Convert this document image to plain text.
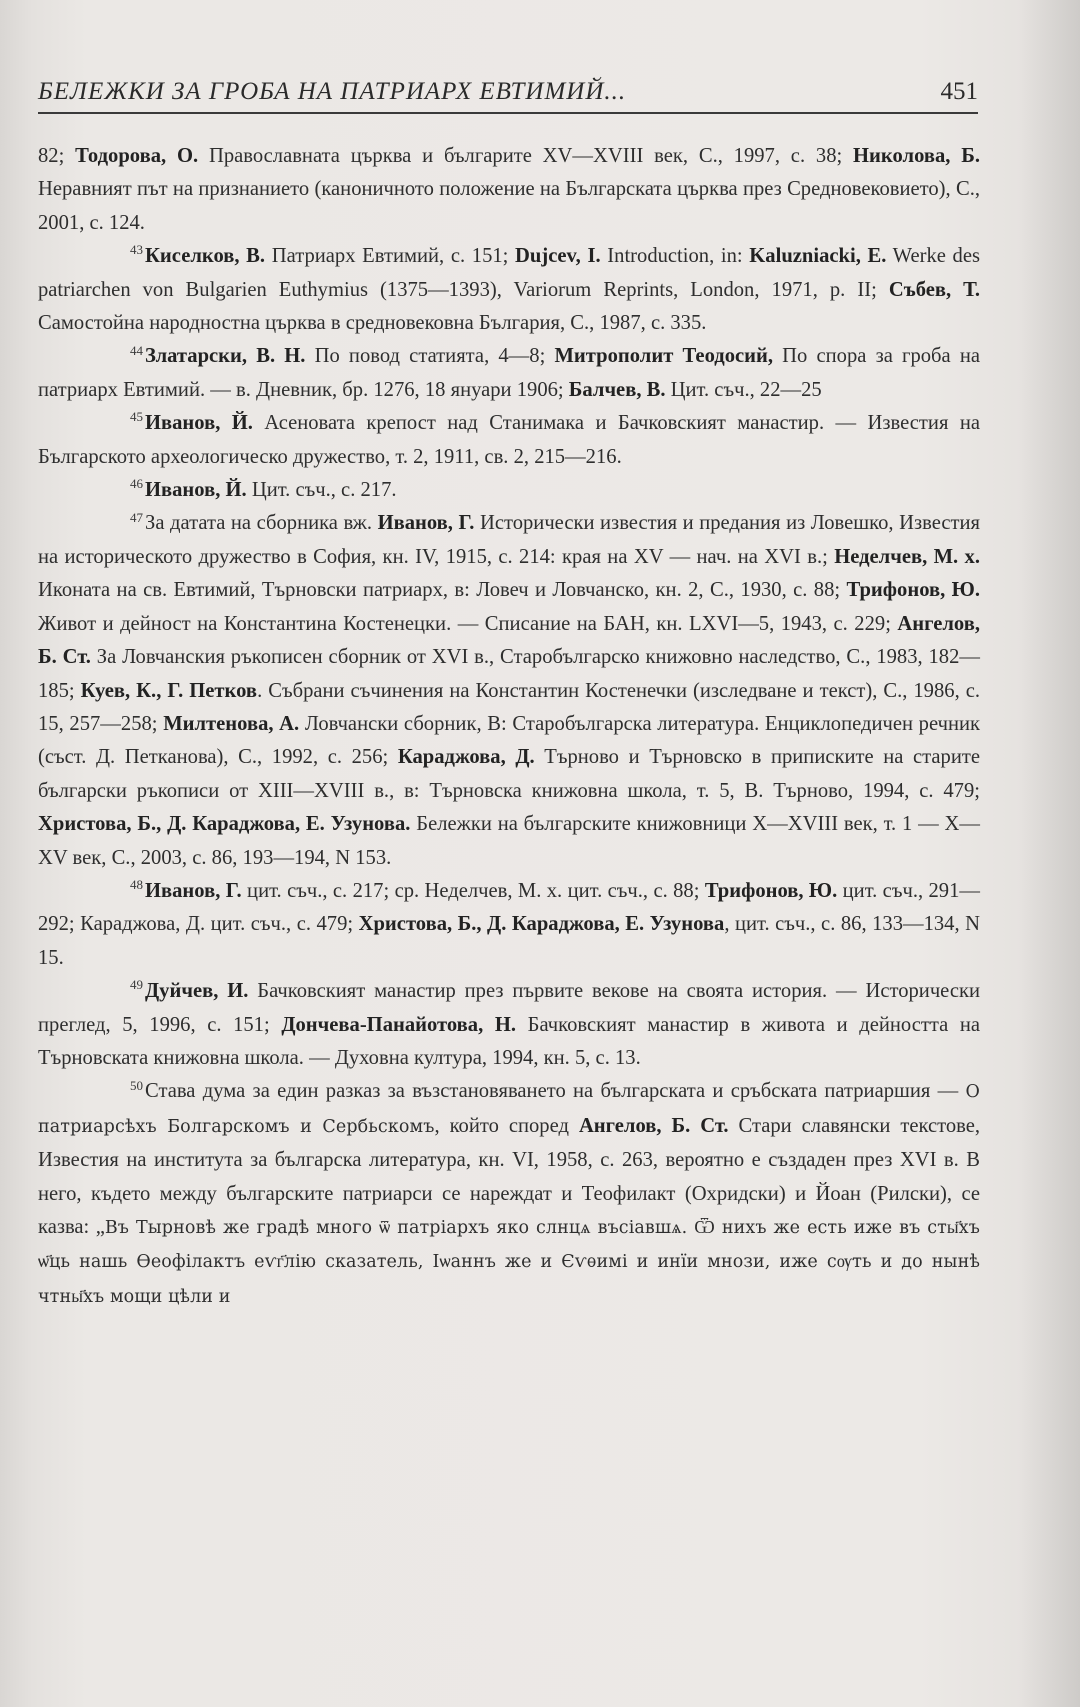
БЕЛЕЖКИ ЗА ГРОБА НА ПАТРИАРХ ЕВТИМИЙ...	451

82; Тодорова, О. Православната църква и българите XV—XVIII век, С., 1997, с. 38; Николова, Б. Неравният път на признанието (каноничното положение на Българската църква през Средновековието), С., 2001, с. 124.

$^{43}$Киселков, В. Патриарх Евтимий, с. 151; Dujcev, I. Introduction, in: Kaluzniacki, E. Werke des patriarchen von Bulgarien Euthymius (1375—1393), Variorum Reprints, London, 1971, p. II; Събев, Т. Самостойна народностна църква в средновековна България, С., 1987, с. 335.

$^{44}$Златарски, В. Н. По повод статията, 4—8; Митрополит Теодосий, По спора за гроба на патриарх Евтимий. — в. Дневник, бр. 1276, 18 януари 1906; Балчев, В. Цит. съч., 22—25

$^{45}$Иванов, Й. Асеновата крепост над Станимака и Бачковският манастир. — Известия на Българското археологическо дружество, т. 2, 1911, св. 2, 215—216.

$^{46}$Иванов, Й. Цит. съч., с. 217.

$^{47}$За датата на сборника вж. Иванов, Г. Исторически известия и предания из Ловешко, Известия на историческото дружество в София, кн. IV, 1915, с. 214: края на XV — нач. на XVI в.; Неделчев, М. х. Иконата на св. Евтимий, Търновски патриарх, в: Ловеч и Ловчанско, кн. 2, С., 1930, с. 88; Трифонов, Ю. Живот и дейност на Константина Костенецки. — Списание на БАН, кн. LXVI—5, 1943, с. 229; Ангелов, Б. Ст. За Ловчанския ръкописен сборник от XVI в., Старобългарско книжовно наследство, С., 1983, 182—185; Куев, К., Г. Петков. Събрани съчинения на Константин Костенечки (изследване и текст), С., 1986, с. 15, 257—258; Милтенова, А. Ловчански сборник, В: Старобългарска литература. Енциклопедичен речник (съст. Д. Петканова), С., 1992, с. 256; Караджова, Д. Търново и Търновско в приписките на старите български ръкописи от XIII—XVIII в., в: Търновска книжовна школа, т. 5, В. Търново, 1994, с. 479; Христова, Б., Д. Караджова, Е. Узунова. Бележки на българските книжовници X—XVIII век, т. 1 — X—XV век, С., 2003, с. 86, 193—194, N 153.

$^{48}$Иванов, Г. цит. съч., с. 217; ср. Неделчев, М. х. цит. съч., с. 88; Трифонов, Ю. цит. съч., 291—292; Караджова, Д. цит. съч., с. 479; Христова, Б., Д. Караджова, Е. Узунова, цит. съч., с. 86, 133—134, N 15.

$^{49}$Дуйчев, И. Бачковският манастир през първите векове на своята история. — Исторически преглед, 5, 1996, с. 151; Дончева-Панайотова, Н. Бачковският манастир в живота и дейността на Търновската книжовна школа. — Духовна култура, 1994, кн. 5, с. 13.

$^{50}$Става дума за един разказ за възстановяването на българската и сръбската патриаршия — О патриарсѣхъ Болгарскомъ и Сербьскомъ, който според Ангелов, Б. Ст. Стари славянски текстове, Известия на института за българска литература, кн. VI, 1958, с. 263, вероятно е създаден през XVI в. В него, където между българските патриарси се нареждат и Теофилакт (Охридски) и Йоан (Рилски), се казва: „Въ Тырновѣ же градѣ много ѿ патріархъ яко слнцѧ въсіавшѧ. Ѿ нихъ же есть иже въ сты҃хъ ѡ҃ць нашь Ѳеофілактъ еѵг҃лію сказатель, Іѡаннъ же и Єѵѳимі и инїи мнози, иже сѹть и до нынѣ чтны҃хъ мощи цѣли и
